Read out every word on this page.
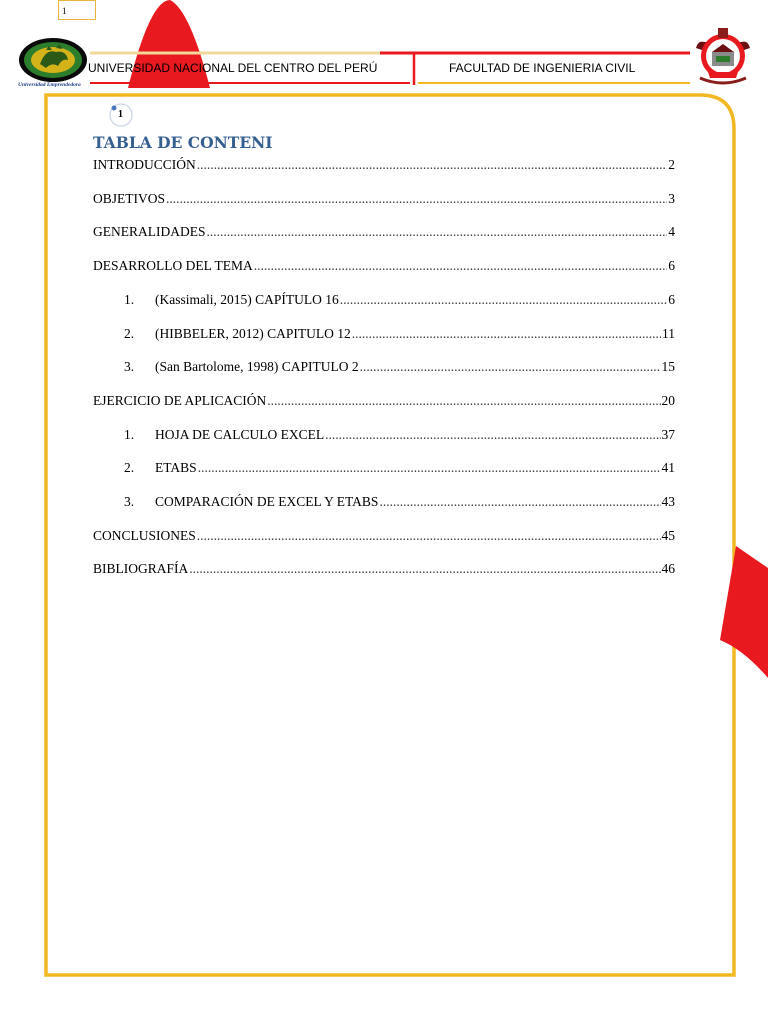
1
Universidad Emprendedora
UNIVERSIDAD NACIONAL DEL CENTRO DEL PERÚ	FACULTAD DE INGENIERIA CIVIL
1
TABLA DE CONTENI
INTRODUCCIÓN .....	2
OBJETIVOS .....	3
GENERALIDADES .....	4
DESARROLLO DEL TEMA .....	6
1.	(Kassimali, 2015) CAPÍTULO 16 .....	6
2.	(HIBBELER, 2012) CAPITULO 12 .....	11
3.	(San Bartolome, 1998) CAPITULO 2 .....	15
EJERCICIO DE APLICACIÓN .....	20
1.	HOJA DE CALCULO EXCEL .....	37
2.	ETABS .....	41
3.	COMPARACIÓN DE EXCEL Y ETABS .....	43
CONCLUSIONES .....	45
BIBLIOGRAFÍA .....	46
